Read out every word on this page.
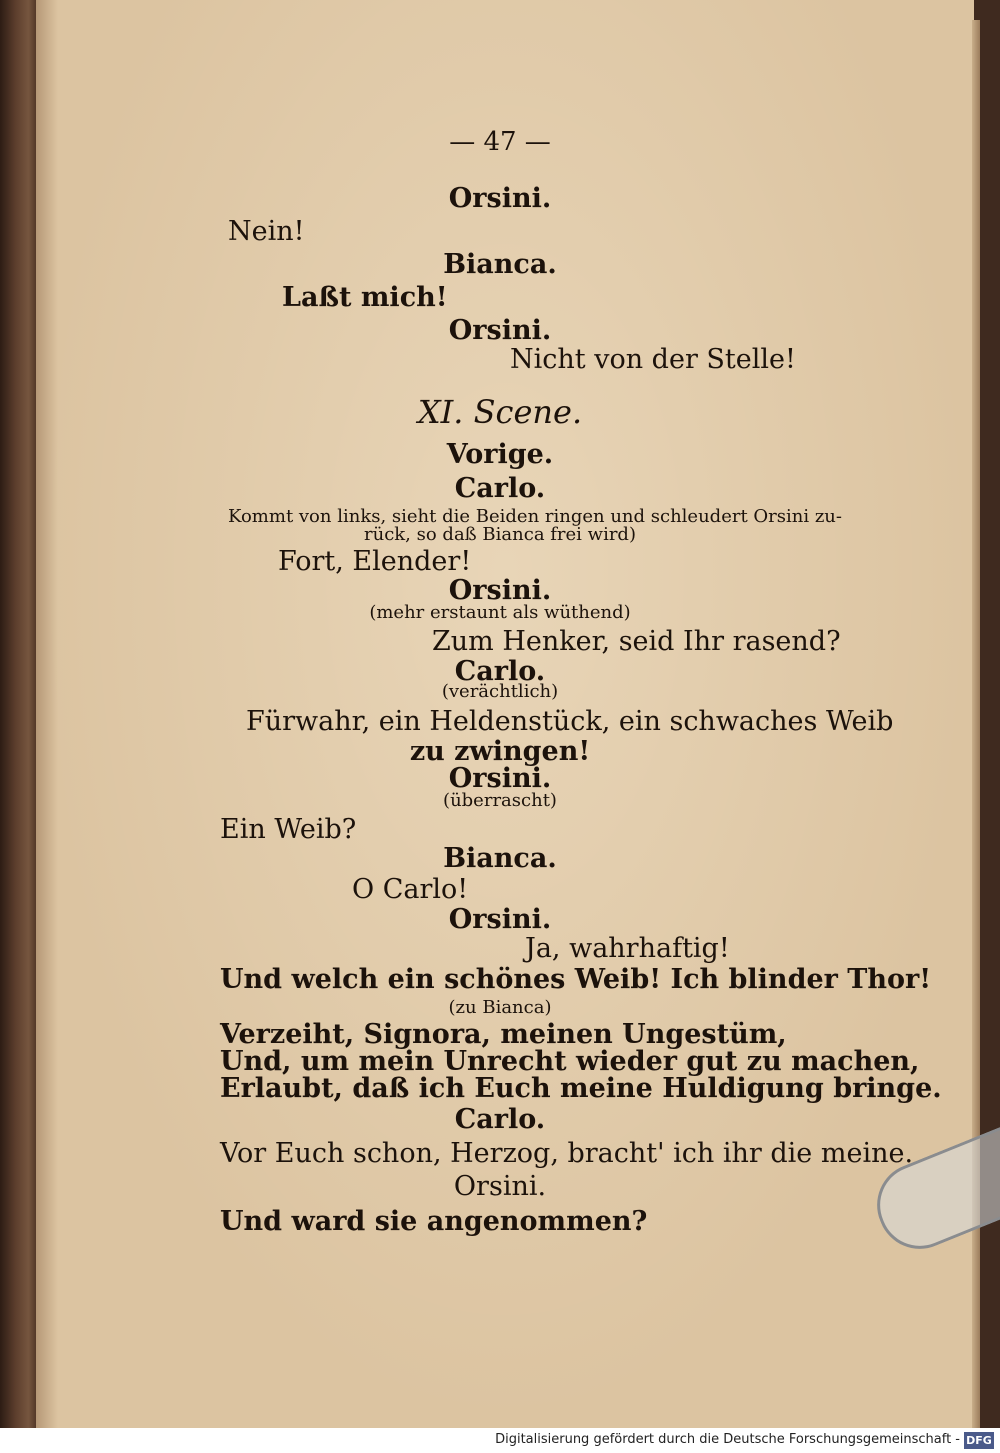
— 47 —
Orsini.
Nein!
Bianca.
Laßt mich!
Orsini.
Nicht von der Stelle!
XI. Scene.
Vorige.
Carlo.
Kommt von links, sieht die Beiden ringen und schleudert Orsini zu-
rück, so daß Bianca frei wird)
Fort, Elender!
Orsini.
(mehr erstaunt als wüthend)
Zum Henker, seid Ihr rasend?
Carlo.
(verächtlich)
Fürwahr, ein Heldenstück, ein schwaches Weib
zu zwingen!
Orsini.
(überrascht)
Ein Weib?
Bianca.
O Carlo!
Orsini.
Ja, wahrhaftig!
Und welch ein schönes Weib! Ich blinder Thor!
(zu Bianca)
Verzeiht, Signora, meinen Ungestüm,
Und, um mein Unrecht wieder gut zu machen,
Erlaubt, daß ich Euch meine Huldigung bringe.
Carlo.
Vor Euch schon, Herzog, bracht' ich ihr die meine.
Orsini.
Und ward sie angenommen?
Digitalisierung gefördert durch die Deutsche Forschungsgemeinschaft - DFG
